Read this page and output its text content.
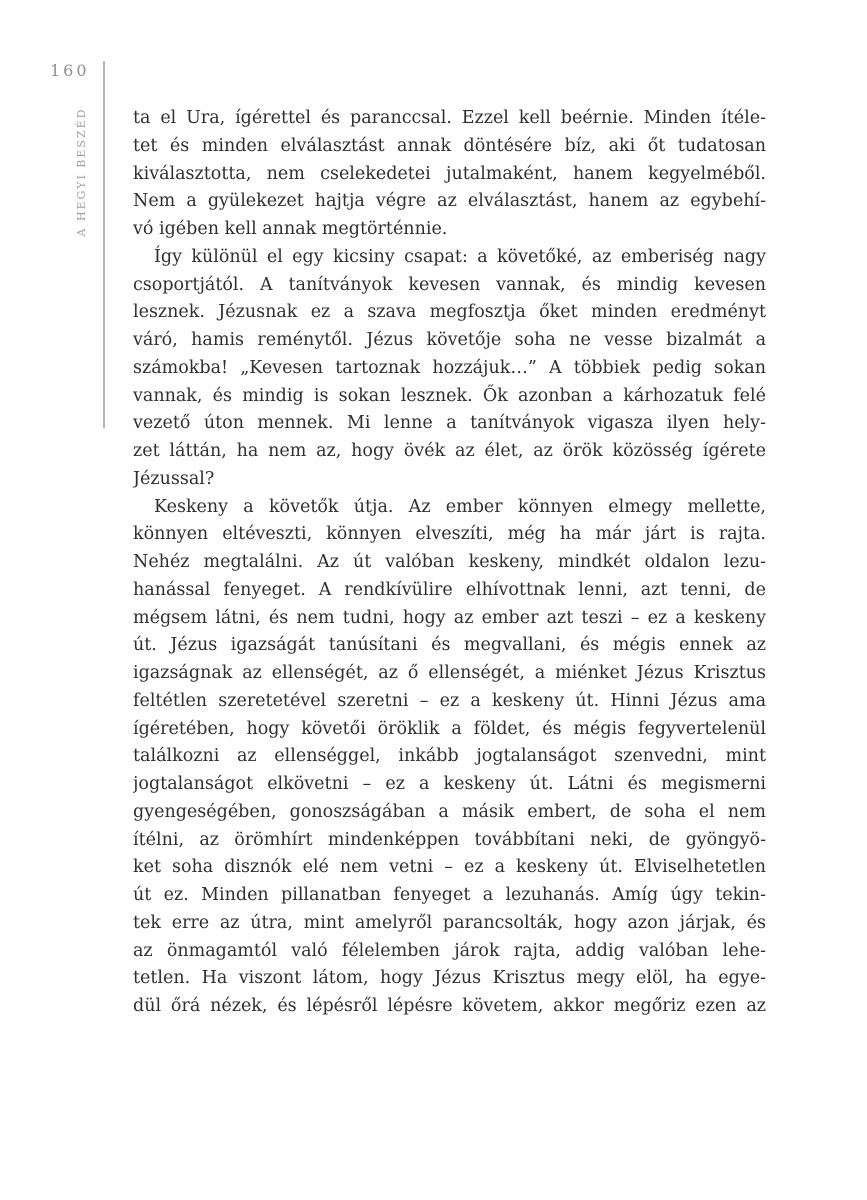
160
A HEGYI BESZÉD	ta el Ura, ígérettel és paranccsal. Ezzel kell beérnie. Minden ítéle-
tet és minden elválasztást annak döntésére bíz, aki őt tudatosan
kiválasztotta, nem cselekedetei jutalmaként, hanem kegyelméből.
Nem a gyülekezet hajtja végre az elválasztást, hanem az egybehí-
vó igében kell annak megtörténnie.
Így különül el egy kicsiny csapat: a követőké, az emberiség nagy
csoportjától. A tanítványok kevesen vannak, és mindig kevesen
lesznek. Jézusnak ez a szava megfosztja őket minden eredményt
váró, hamis reménytől. Jézus követője soha ne vesse bizalmát a
számokba! „Kevesen tartoznak hozzájuk…” A többiek pedig sokan
vannak, és mindig is sokan lesznek. Ők azonban a kárhozatuk felé
vezető úton mennek. Mi lenne a tanítványok vigasza ilyen hely-
zet láttán, ha nem az, hogy övék az élet, az örök közösség ígérete
Jézussal?
Keskeny a követők útja. Az ember könnyen elmegy mellette,
könnyen eltéveszti, könnyen elveszíti, még ha már járt is rajta.
Nehéz megtalálni. Az út valóban keskeny, mindkét oldalon lezu-
hanással fenyeget. A rendkívülire elhívottnak lenni, azt tenni, de
mégsem látni, és nem tudni, hogy az ember azt teszi – ez a keskeny
út. Jézus igazságát tanúsítani és megvallani, és mégis ennek az
igazságnak az ellenségét, az ő ellenségét, a miénket Jézus Krisztus
feltétlen szeretetével szeretni – ez a keskeny út. Hinni Jézus ama
ígéretében, hogy követői öröklik a földet, és mégis fegyvertelenül
találkozni az ellenséggel, inkább jogtalanságot szenvedni, mint
jogtalanságot elkövetni – ez a keskeny út. Látni és megismerni
gyengeségében, gonoszságában a másik embert, de soha el nem
ítélni, az örömhírt mindenképpen továbbítani neki, de gyöngyö-
ket soha disznók elé nem vetni – ez a keskeny út. Elviselhetetlen
út ez. Minden pillanatban fenyeget a lezuhanás. Amíg úgy tekin-
tek erre az útra, mint amelyről parancsolták, hogy azon járjak, és
az önmagamtól való félelemben járok rajta, addig valóban lehe-
tetlen. Ha viszont látom, hogy Jézus Krisztus megy elöl, ha egye-
dül őrá nézek, és lépésről lépésre követem, akkor megőriz ezen az
